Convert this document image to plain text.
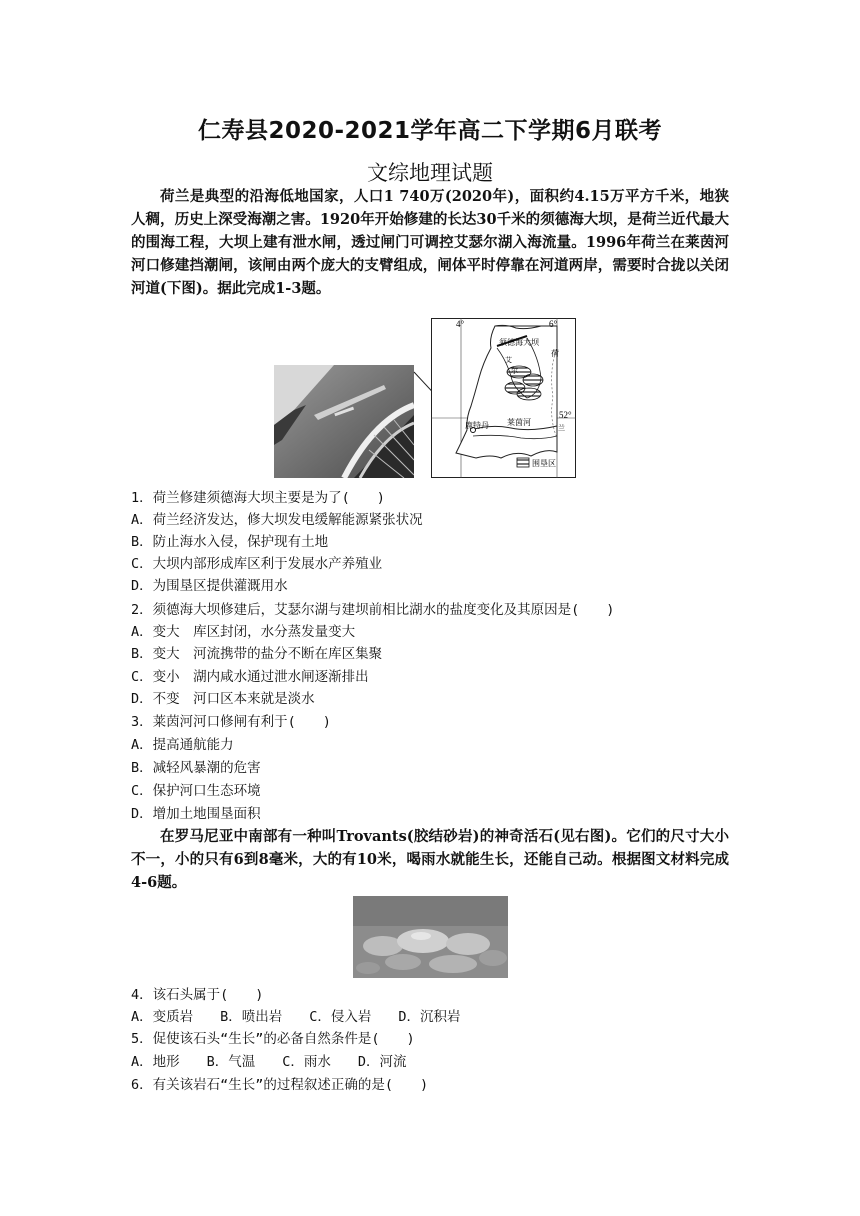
仁寿县2020-2021学年高二下学期6月联考
文综地理试题

荷兰是典型的沿海低地国家，人口1 740万(2020年)，面积约4.15万平方千米，地狭人稠，历史上深受海潮之害。1920年开始修建的长达30千米的须德海大坝，是荷兰近代最大的围海工程，大坝上建有泄水闸，透过闸门可调控艾瑟尔湖入海流量。1996年荷兰在莱茵河河口修建挡潮闸，该闸由两个庞大的支臂组成，闸体平时停靠在河道两岸，需要时合拢以关闭河道(下图)。据此完成1-3题。

4°	6°
52°
须德海大坝
荷
艾
尔
鹿特丹 莱茵河
兰
围垦区
1．荷兰修建须德海大坝主要是为了(　　)
A．荷兰经济发达，修大坝发电缓解能源紧张状况
B．防止海水入侵，保护现有土地
C．大坝内部形成库区利于发展水产养殖业
D．为围垦区提供灌溉用水
2．须德海大坝修建后，艾瑟尔湖与建坝前相比湖水的盐度变化及其原因是(　　)
A．变大　库区封闭，水分蒸发量变大
B．变大　河流携带的盐分不断在库区集聚
C．变小　湖内咸水通过泄水闸逐渐排出
D．不变　河口区本来就是淡水
3．莱茵河河口修闸有利于(　　)
A．提高通航能力
B．减轻风暴潮的危害
C．保护河口生态环境
D．增加土地围垦面积

在罗马尼亚中南部有一种叫Trovants(胶结砂岩)的神奇活石(见右图)。它们的尺寸大小不一，小的只有6到8毫米，大的有10米，喝雨水就能生长，还能自己动。根据图文材料完成4-6题。

4．该石头属于(　　)
A．变质岩　　B．喷出岩　　C．侵入岩　　D．沉积岩
5．促使该石头“生长”的必备自然条件是(　　)
A．地形　　B．气温　　C．雨水　　D．河流
6．有关该岩石“生长”的过程叙述正确的是(　　)
